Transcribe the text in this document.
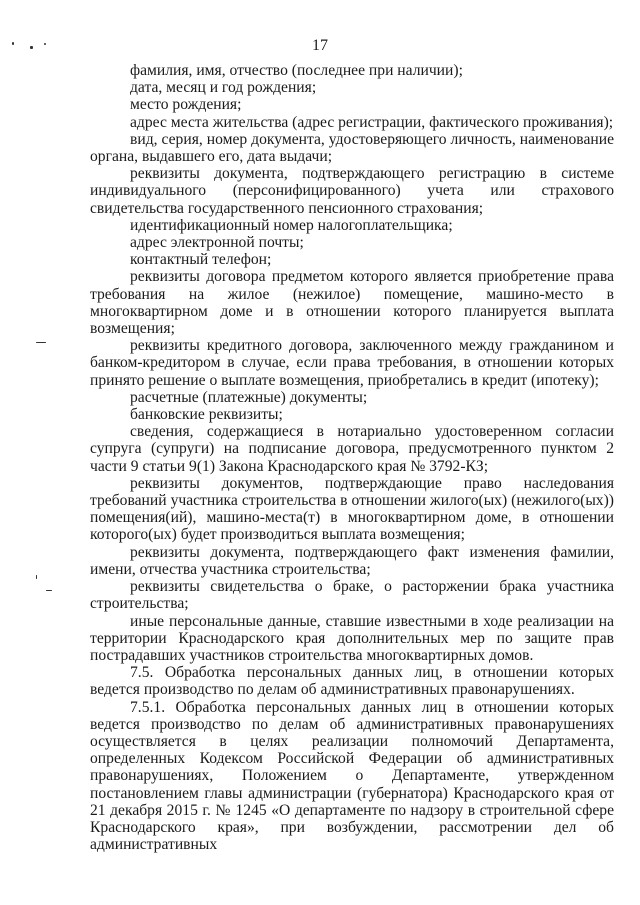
17

фамилия, имя, отчество (последнее при наличии);

дата, месяц и год рождения;

место рождения;

адрес места жительства (адрес регистрации, фактического проживания);

вид, серия, номер документа, удостоверяющего личность, наименование органа, выдавшего его, дата выдачи;

реквизиты документа, подтверждающего регистрацию в системе индивидуального (персонифицированного) учета или страхового свидетельства государственного пенсионного страхования;

идентификационный номер налогоплательщика;

адрес электронной почты;

контактный телефон;

реквизиты договора предметом которого является приобретение права требования на жилое (нежилое) помещение, машино-место в многоквартирном доме и в отношении которого планируется выплата возмещения;

реквизиты кредитного договора, заключенного между гражданином и банком-кредитором в случае, если права требования, в отношении которых принято решение о выплате возмещения, приобретались в кредит (ипотеку);

расчетные (платежные) документы;

банковские реквизиты;

сведения, содержащиеся в нотариально удостоверенном согласии супруга (супруги) на подписание договора, предусмотренного пунктом 2 части 9 статьи 9(1) Закона Краснодарского края № 3792-КЗ;

реквизиты документов, подтверждающие право наследования требований участника строительства в отношении жилого(ых) (нежилого(ых)) помещения(ий), машино-места(т) в многоквартирном доме, в отношении которого(ых) будет производиться выплата возмещения;

реквизиты документа, подтверждающего факт изменения фамилии, имени, отчества участника строительства;

реквизиты свидетельства о браке, о расторжении брака участника строительства;

иные персональные данные, ставшие известными в ходе реализации на территории Краснодарского края дополнительных мер по защите прав пострадавших участников строительства многоквартирных домов.

7.5. Обработка персональных данных лиц, в отношении которых ведется производство по делам об административных правонарушениях.

7.5.1. Обработка персональных данных лиц в отношении которых ведется производство по делам об административных правонарушениях осуществляется в целях реализации полномочий Департамента, определенных Кодексом Российской Федерации об административных правонарушениях, Положением о Департаменте, утвержденном постановлением главы администрации (губернатора) Краснодарского края от 21 декабря 2015 г. № 1245 «О департаменте по надзору в строительной сфере Краснодарского края», при возбуждении, рассмотрении дел об административных
